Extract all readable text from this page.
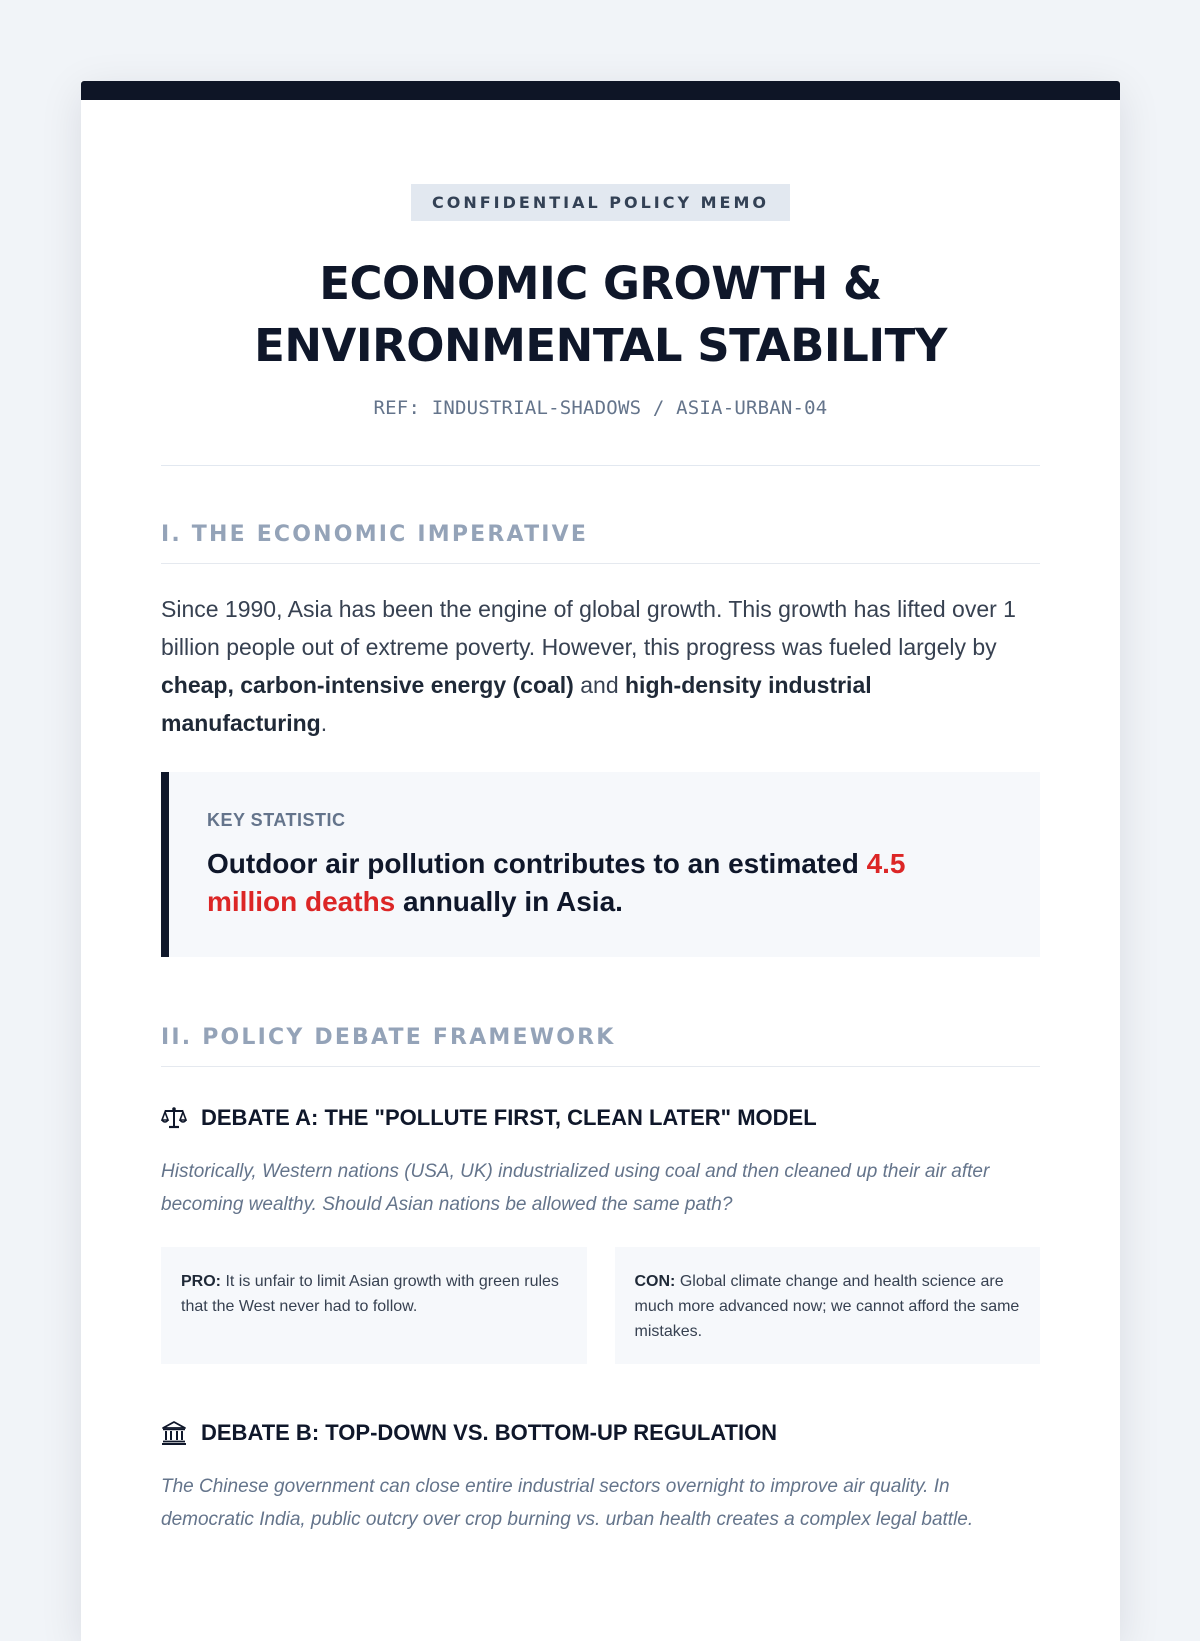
CONFIDENTIAL POLICY MEMO
ECONOMIC GROWTH &
ENVIRONMENTAL STABILITY
REF: INDUSTRIAL-SHADOWS / ASIA-URBAN-04
I. THE ECONOMIC IMPERATIVE

Since 1990, Asia has been the engine of global growth. This growth has lifted over 1 billion people out of extreme poverty. However, this progress was fueled largely by cheap, carbon-intensive energy (coal) and high-density industrial manufacturing.

KEY STATISTIC
Outdoor air pollution contributes to an estimated 4.5 million deaths annually in Asia.
II. POLICY DEBATE FRAMEWORK
DEBATE A: THE "POLLUTE FIRST, CLEAN LATER" MODEL

Historically, Western nations (USA, UK) industrialized using coal and then cleaned up their air after becoming wealthy. Should Asian nations be allowed the same path?

PRO: It is unfair to limit Asian growth with green rules that the West never had to follow.
CON: Global climate change and health science are much more advanced now; we cannot afford the same mistakes.
DEBATE B: TOP-DOWN VS. BOTTOM-UP REGULATION

The Chinese government can close entire industrial sectors overnight to improve air quality. In democratic India, public outcry over crop burning vs. urban health creates a complex legal battle.
